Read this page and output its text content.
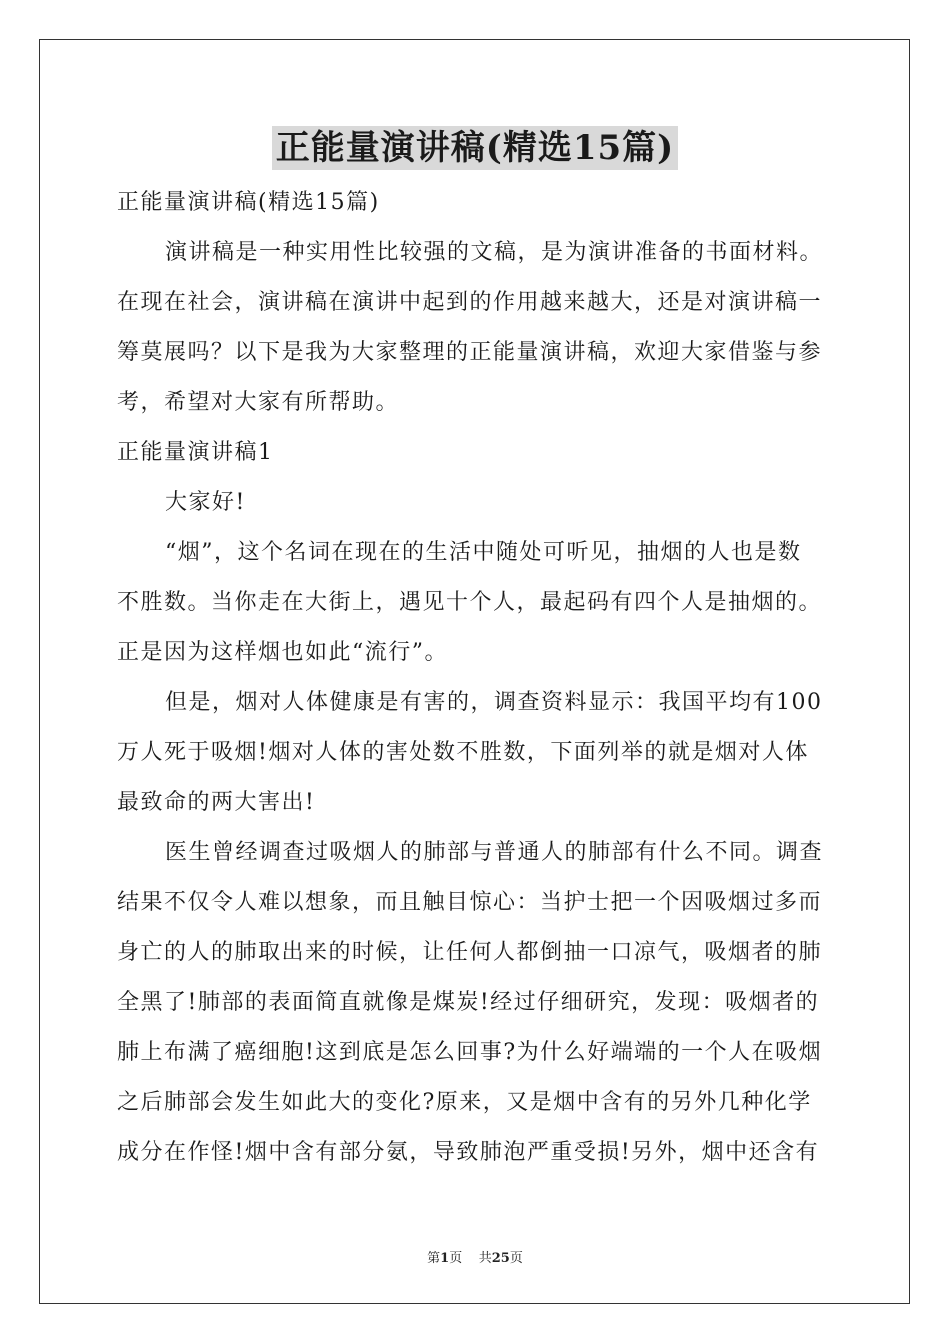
正能量演讲稿(精选15篇)
正能量演讲稿(精选15篇)
演讲稿是一种实用性比较强的文稿，是为演讲准备的书面材料。
在现在社会，演讲稿在演讲中起到的作用越来越大，还是对演讲稿一
筹莫展吗？以下是我为大家整理的正能量演讲稿，欢迎大家借鉴与参
考，希望对大家有所帮助。
正能量演讲稿1
大家好!
“烟”，这个名词在现在的生活中随处可听见，抽烟的人也是数
不胜数。当你走在大街上，遇见十个人，最起码有四个人是抽烟的。
正是因为这样烟也如此“流行”。
但是，烟对人体健康是有害的，调查资料显示：我国平均有100
万人死于吸烟!烟对人体的害处数不胜数，下面列举的就是烟对人体
最致命的两大害出!
医生曾经调查过吸烟人的肺部与普通人的肺部有什么不同。调查
结果不仅令人难以想象，而且触目惊心：当护士把一个因吸烟过多而
身亡的人的肺取出来的时候，让任何人都倒抽一口凉气，吸烟者的肺
全黑了!肺部的表面简直就像是煤炭!经过仔细研究，发现：吸烟者的
肺上布满了癌细胞!这到底是怎么回事?为什么好端端的一个人在吸烟
之后肺部会发生如此大的变化?原来，又是烟中含有的另外几种化学
成分在作怪!烟中含有部分氨，导致肺泡严重受损!另外，烟中还含有
第1页 共25页
